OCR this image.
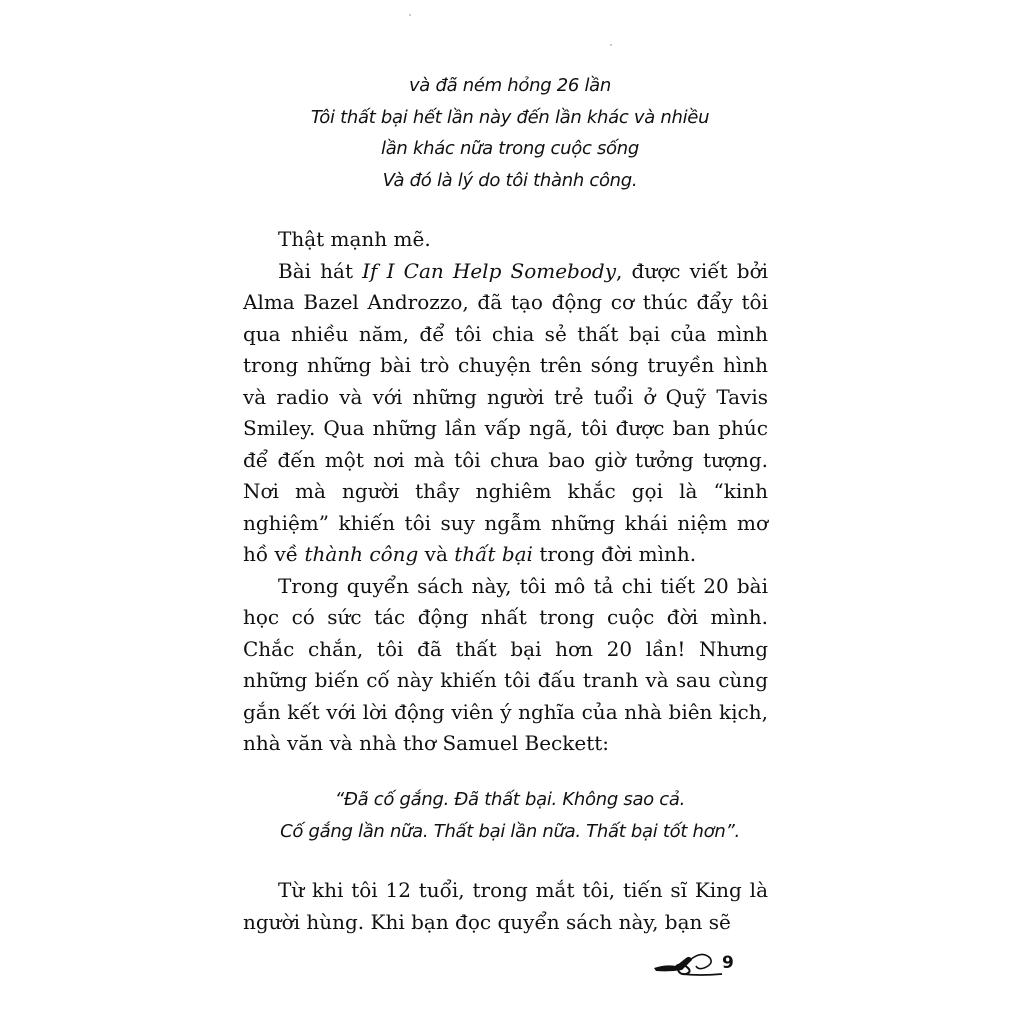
và đã ném hỏng 26 lần
Tôi thất bại hết lần này đến lần khác và nhiều
lần khác nữa trong cuộc sống
Và đó là lý do tôi thành công.

Thật mạnh mẽ.

Bài hát If I Can Help Somebody, được viết bởi Alma Bazel Androzzo, đã tạo động cơ thúc đẩy tôi qua nhiều năm, để tôi chia sẻ thất bại của mình trong những bài trò chuyện trên sóng truyền hình và radio và với những người trẻ tuổi ở Quỹ Tavis Smiley. Qua những lần vấp ngã, tôi được ban phúc để đến một nơi mà tôi chưa bao giờ tưởng tượng. Nơi mà người thầy nghiêm khắc gọi là “kinh nghiệm” khiến tôi suy ngẫm những khái niệm mơ hồ về thành công và thất bại trong đời mình.

Trong quyển sách này, tôi mô tả chi tiết 20 bài học có sức tác động nhất trong cuộc đời mình. Chắc chắn, tôi đã thất bại hơn 20 lần! Nhưng những biến cố này khiến tôi đấu tranh và sau cùng gắn kết với lời động viên ý nghĩa của nhà biên kịch, nhà văn và nhà thơ Samuel Beckett:

“Đã cố gắng. Đã thất bại. Không sao cả.
Cố gắng lần nữa. Thất bại lần nữa. Thất bại tốt hơn”.

Từ khi tôi 12 tuổi, trong mắt tôi, tiến sĩ King là người hùng. Khi bạn đọc quyển sách này, bạn sẽ

9
